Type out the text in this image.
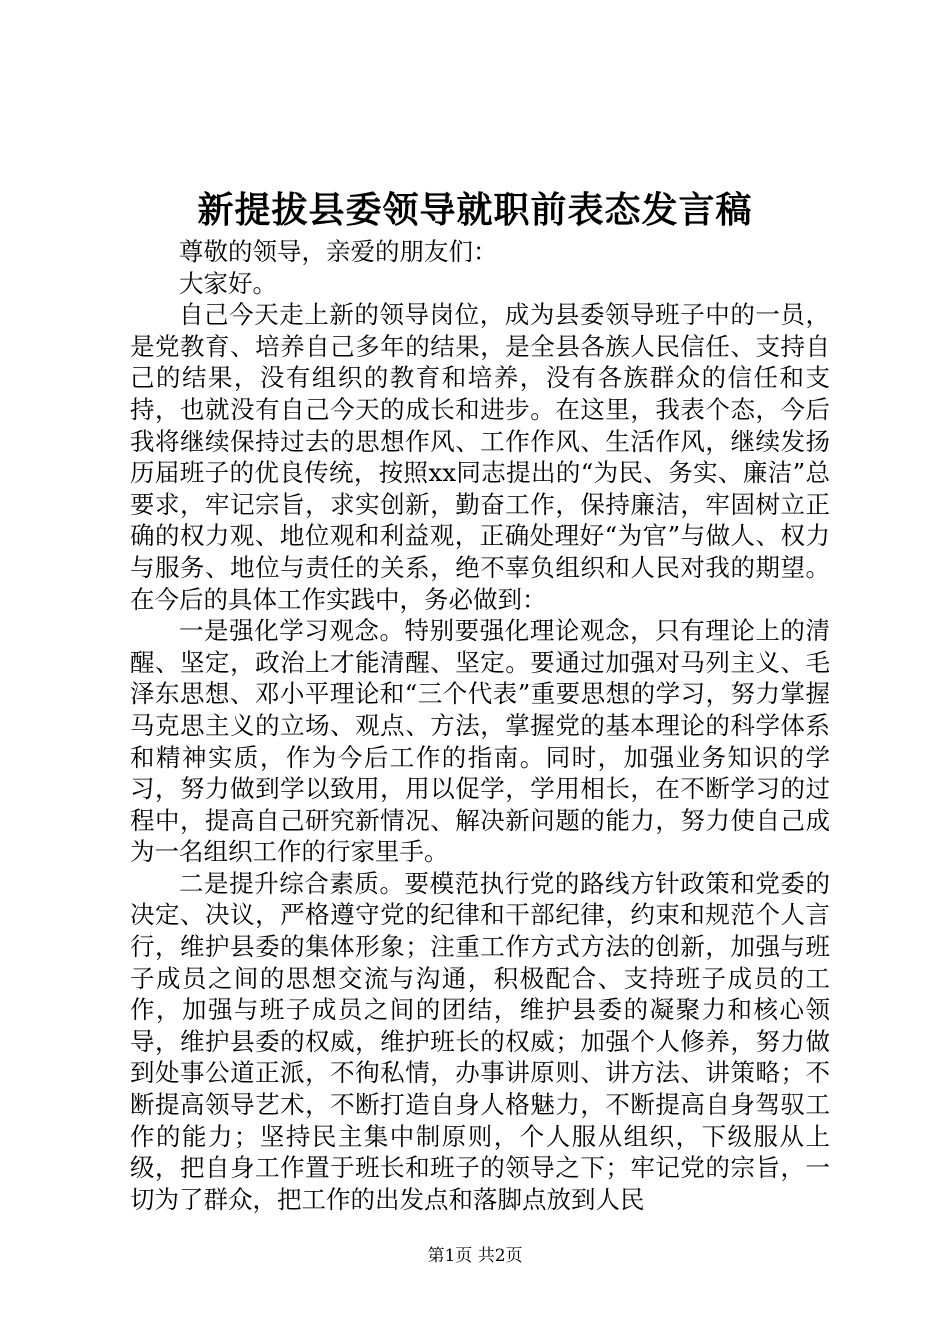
新提拔县委领导就职前表态发言稿

尊敬的领导，亲爱的朋友们：

大家好。

自己今天走上新的领导岗位，成为县委领导班子中的一员，是党教育、培养自己多年的结果，是全县各族人民信任、支持自己的结果，没有组织的教育和培养，没有各族群众的信任和支持，也就没有自己今天的成长和进步。在这里，我表个态，今后我将继续保持过去的思想作风、工作作风、生活作风，继续发扬历届班子的优良传统，按照xx同志提出的“为民、务实、廉洁”总要求，牢记宗旨，求实创新，勤奋工作，保持廉洁，牢固树立正确的权力观、地位观和利益观，正确处理好“为官”与做人、权力与服务、地位与责任的关系，绝不辜负组织和人民对我的期望。在今后的具体工作实践中，务必做到：

一是强化学习观念。特别要强化理论观念，只有理论上的清醒、坚定，政治上才能清醒、坚定。要通过加强对马列主义、毛泽东思想、邓小平理论和“三个代表”重要思想的学习，努力掌握马克思主义的立场、观点、方法，掌握党的基本理论的科学体系和精神实质，作为今后工作的指南。同时，加强业务知识的学习，努力做到学以致用，用以促学，学用相长，在不断学习的过程中，提高自己研究新情况、解决新问题的能力，努力使自己成为一名组织工作的行家里手。

二是提升综合素质。要模范执行党的路线方针政策和党委的决定、决议，严格遵守党的纪律和干部纪律，约束和规范个人言行，维护县委的集体形象；注重工作方式方法的创新，加强与班子成员之间的思想交流与沟通，积极配合、支持班子成员的工作，加强与班子成员之间的团结，维护县委的凝聚力和核心领导，维护县委的权威，维护班长的权威；加强个人修养，努力做到处事公道正派，不徇私情，办事讲原则、讲方法、讲策略；不断提高领导艺术，不断打造自身人格魅力，不断提高自身驾驭工作的能力；坚持民主集中制原则，个人服从组织，下级服从上级，把自身工作置于班长和班子的领导之下；牢记党的宗旨，一切为了群众，把工作的出发点和落脚点放到人民

第1页 共2页
